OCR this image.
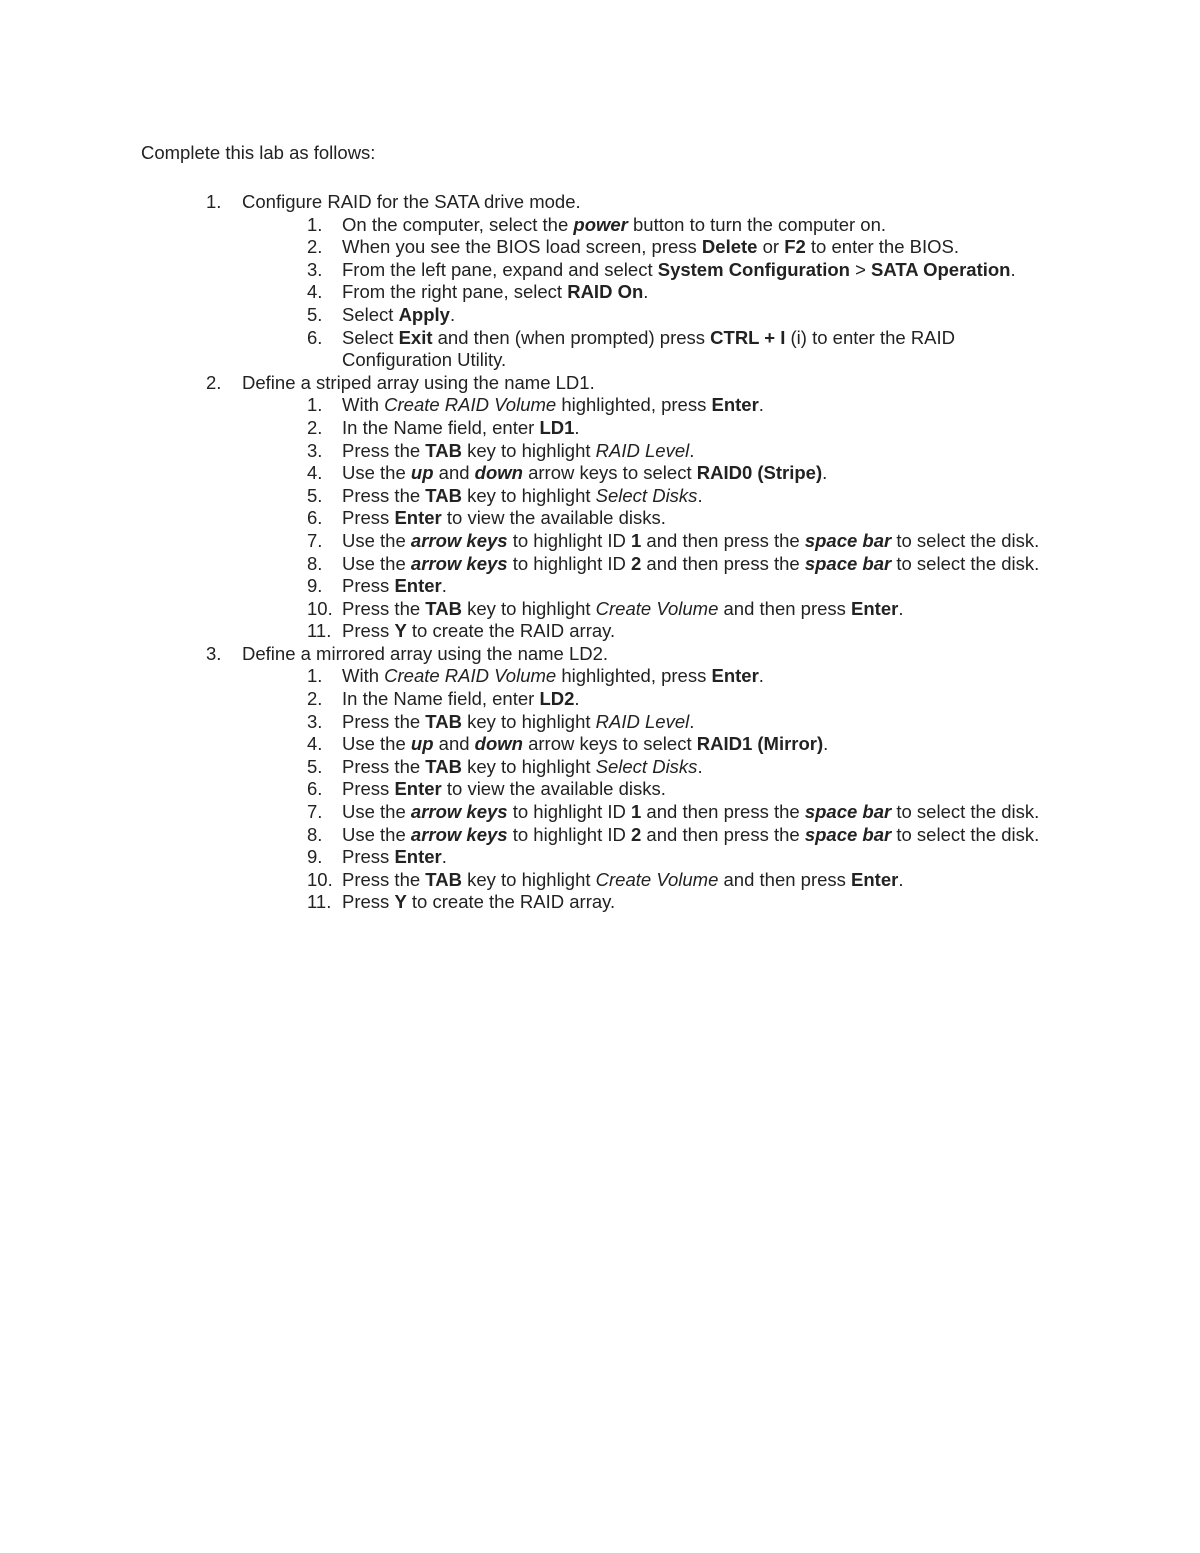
Complete this lab as follows:

1. Configure RAID for the SATA drive mode.
1. On the computer, select the power button to turn the computer on.
2. When you see the BIOS load screen, press Delete or F2 to enter the BIOS.
3. From the left pane, expand and select System Configuration > SATA Operation.
4. From the right pane, select RAID On.
5. Select Apply.
6. Select Exit and then (when prompted) press CTRL + I (i) to enter the RAID Configuration Utility.
2. Define a striped array using the name LD1.
1. With Create RAID Volume highlighted, press Enter.
2. In the Name field, enter LD1.
3. Press the TAB key to highlight RAID Level.
4. Use the up and down arrow keys to select RAID0 (Stripe).
5. Press the TAB key to highlight Select Disks.
6. Press Enter to view the available disks.
7. Use the arrow keys to highlight ID 1 and then press the space bar to select the disk.
8. Use the arrow keys to highlight ID 2 and then press the space bar to select the disk.
9. Press Enter.
10. Press the TAB key to highlight Create Volume and then press Enter.
11. Press Y to create the RAID array.
3. Define a mirrored array using the name LD2.
1. With Create RAID Volume highlighted, press Enter.
2. In the Name field, enter LD2.
3. Press the TAB key to highlight RAID Level.
4. Use the up and down arrow keys to select RAID1 (Mirror).
5. Press the TAB key to highlight Select Disks.
6. Press Enter to view the available disks.
7. Use the arrow keys to highlight ID 1 and then press the space bar to select the disk.
8. Use the arrow keys to highlight ID 2 and then press the space bar to select the disk.
9. Press Enter.
10. Press the TAB key to highlight Create Volume and then press Enter.
11. Press Y to create the RAID array.
